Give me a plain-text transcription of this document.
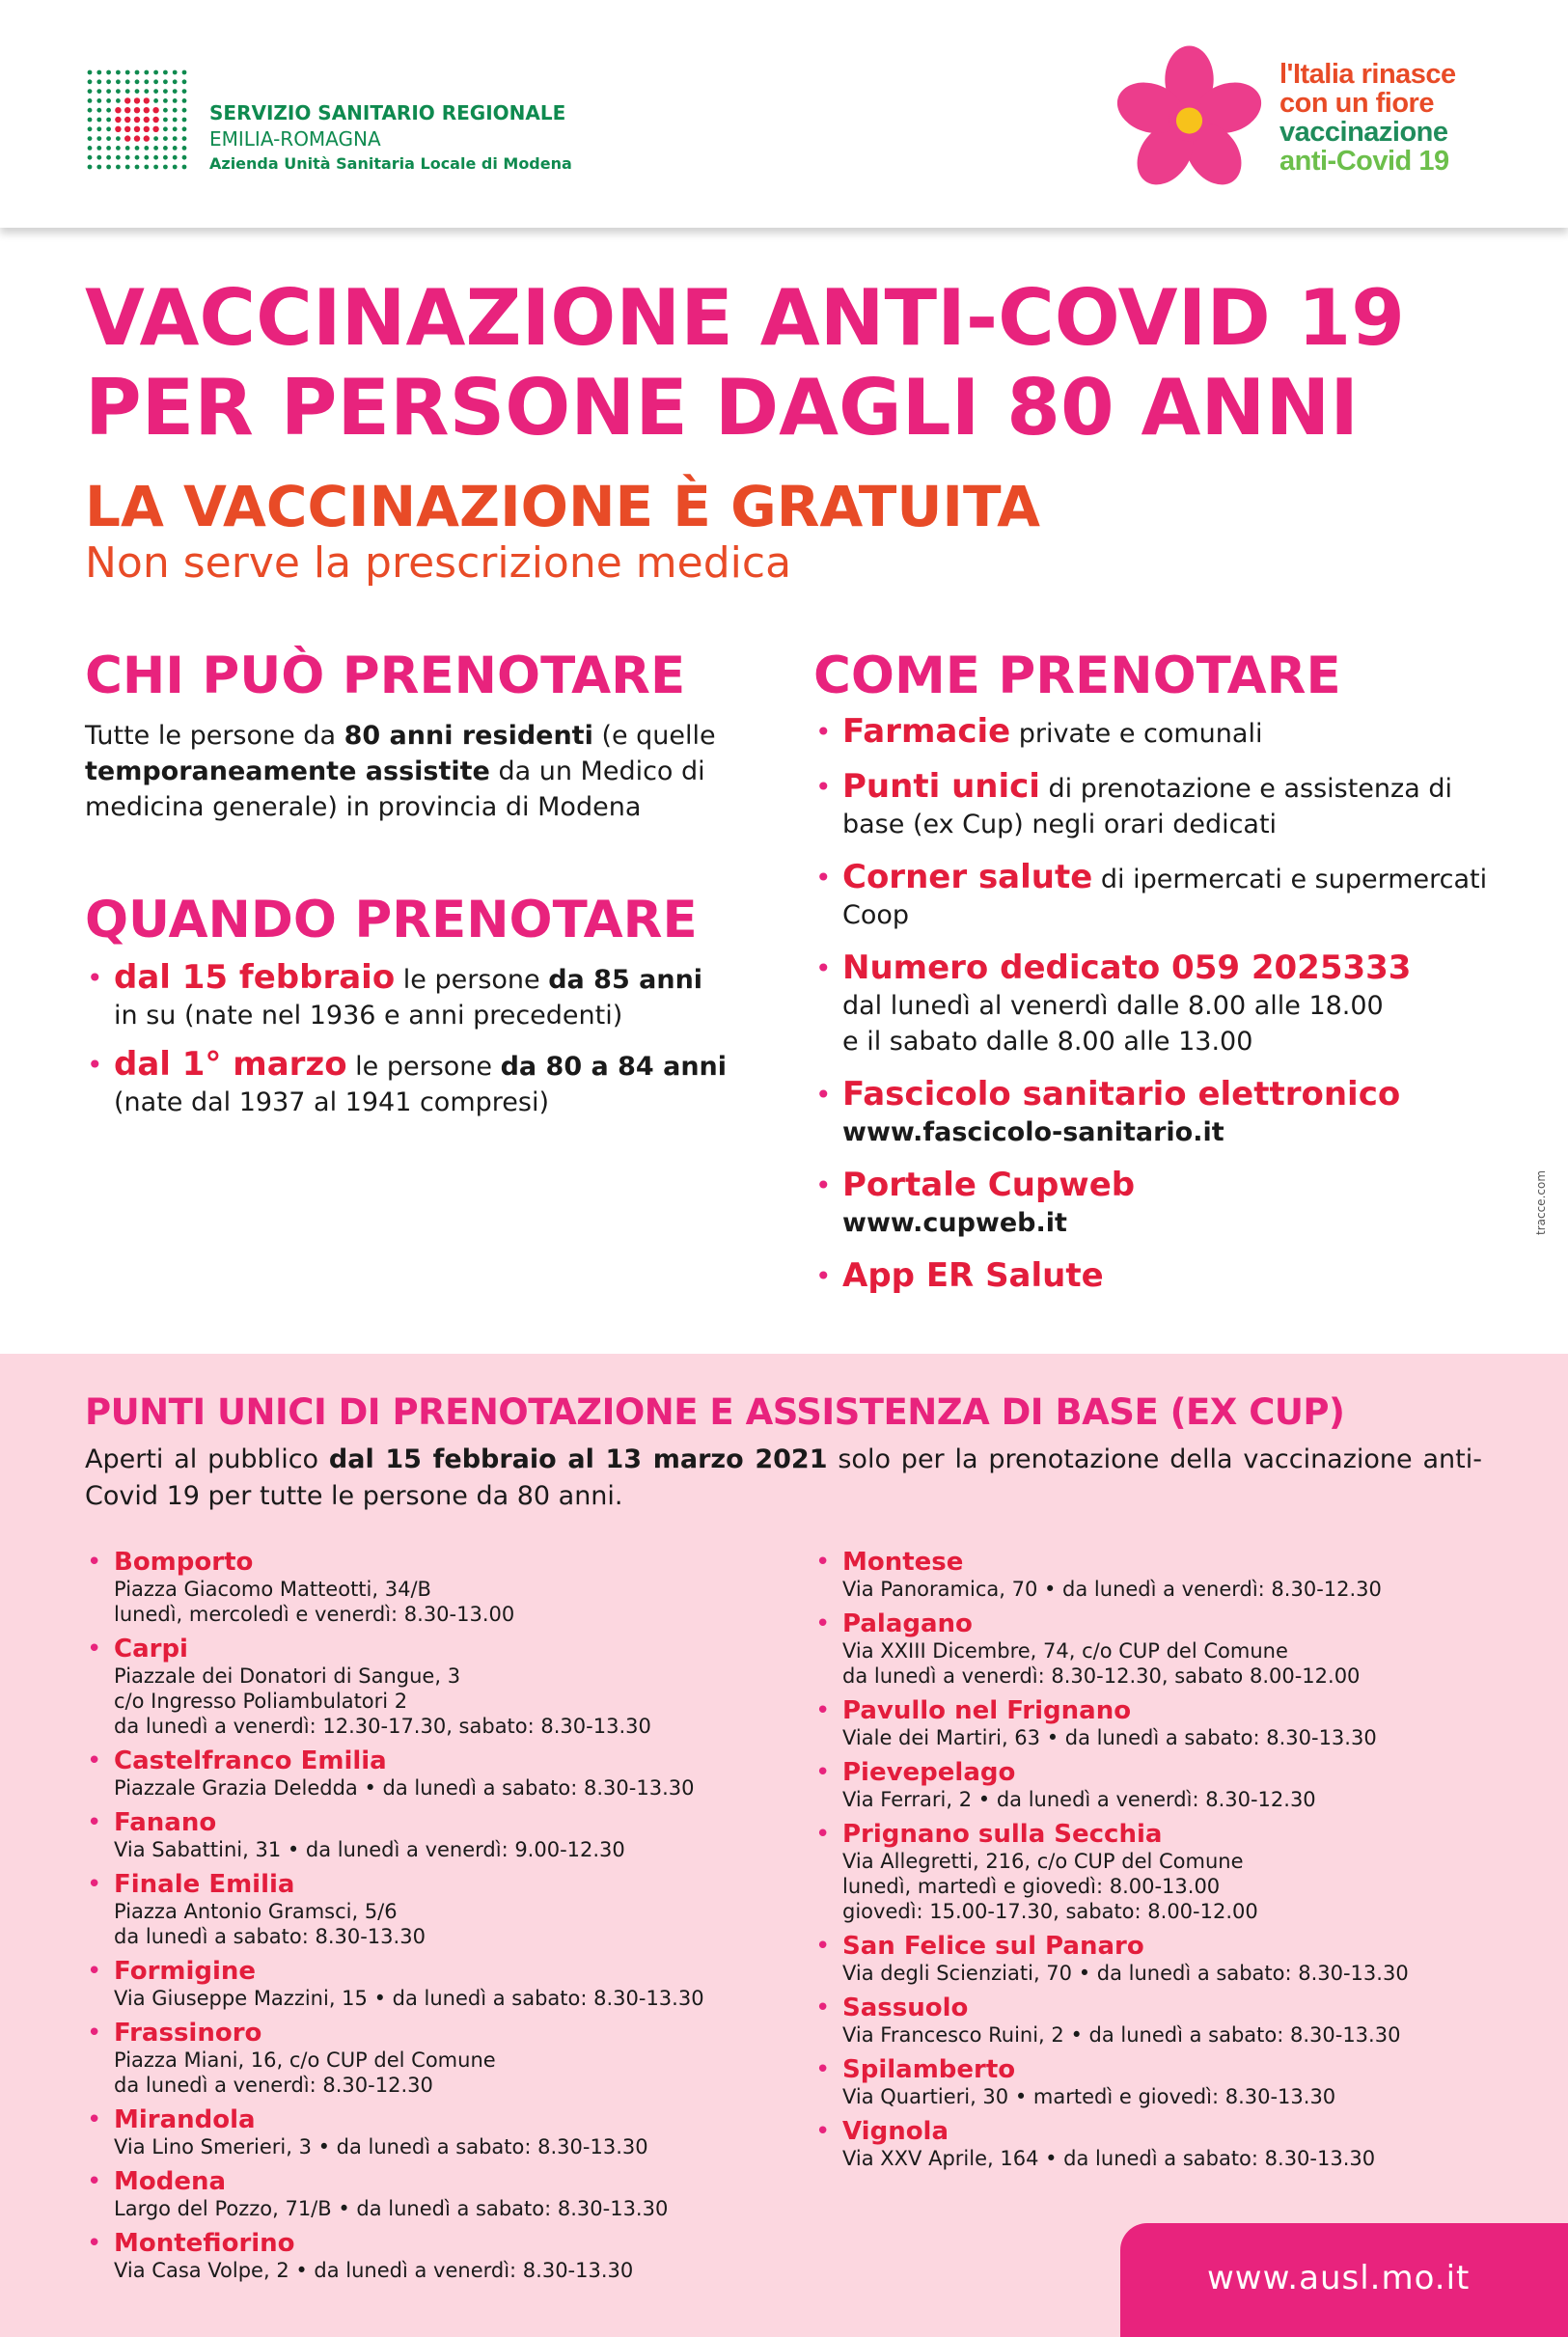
SERVIZIO SANITARIO REGIONALE
EMILIA-ROMAGNA
Azienda Unità Sanitaria Locale di Modena
l'Italia rinasce
con un fiore
vaccinazione
anti-Covid 19
VACCINAZIONE ANTI-COVID 19
PER PERSONE DAGLI 80 ANNI
LA VACCINAZIONE È GRATUITA
Non serve la prescrizione medica
CHI PUÒ PRENOTARE

Tutte le persone da 80 anni residenti (e quelle
temporaneamente assistite da un Medico di medicina generale) in provincia di Modena

QUANDO PRENOTARE
• dal 15 febbraio le persone da 85 anni
in su (nate nel 1936 e anni precedenti)
• dal 1° marzo le persone da 80 a 84 anni
(nate dal 1937 al 1941 compresi)
COME PRENOTARE
• Farmacie private e comunali
• Punti unici di prenotazione e assistenza di base (ex Cup) negli orari dedicati
• Corner salute di ipermercati e supermercati Coop
• Numero dedicato 059 2025333
dal lunedì al venerdì dalle 8.00 alle 18.00
e il sabato dalle 8.00 alle 13.00
• Fascicolo sanitario elettronico
www.fascicolo-sanitario.it
• Portale Cupweb
www.cupweb.it
• App ER Salute
tracce.com
PUNTI UNICI DI PRENOTAZIONE E ASSISTENZA DI BASE (EX CUP)

Aperti al pubblico dal 15 febbraio al 13 marzo 2021 solo per la prenotazione della vaccinazione anti-Covid 19 per tutte le persone da 80 anni.

• Bomporto
Piazza Giacomo Matteotti, 34/B
lunedì, mercoledì e venerdì: 8.30-13.00
• Carpi
Piazzale dei Donatori di Sangue, 3
c/o Ingresso Poliambulatori 2
da lunedì a venerdì: 12.30-17.30, sabato: 8.30-13.30
• Castelfranco Emilia
Piazzale Grazia Deledda • da lunedì a sabato: 8.30-13.30
• Fanano
Via Sabattini, 31 • da lunedì a venerdì: 9.00-12.30
• Finale Emilia
Piazza Antonio Gramsci, 5/6
da lunedì a sabato: 8.30-13.30
• Formigine
Via Giuseppe Mazzini, 15 • da lunedì a sabato: 8.30-13.30
• Frassinoro
Piazza Miani, 16, c/o CUP del Comune
da lunedì a venerdì: 8.30-12.30
• Mirandola
Via Lino Smerieri, 3 • da lunedì a sabato: 8.30-13.30
• Modena
Largo del Pozzo, 71/B • da lunedì a sabato: 8.30-13.30
• Montefiorino
Via Casa Volpe, 2 • da lunedì a venerdì: 8.30-13.30
• Montese
Via Panoramica, 70 • da lunedì a venerdì: 8.30-12.30
• Palagano
Via XXIII Dicembre, 74, c/o CUP del Comune
da lunedì a venerdì: 8.30-12.30, sabato 8.00-12.00
• Pavullo nel Frignano
Viale dei Martiri, 63 • da lunedì a sabato: 8.30-13.30
• Pievepelago
Via Ferrari, 2 • da lunedì a venerdì: 8.30-12.30
• Prignano sulla Secchia
Via Allegretti, 216, c/o CUP del Comune
lunedì, martedì e giovedì: 8.00-13.00
giovedì: 15.00-17.30, sabato: 8.00-12.00
• San Felice sul Panaro
Via degli Scienziati, 70 • da lunedì a sabato: 8.30-13.30
• Sassuolo
Via Francesco Ruini, 2 • da lunedì a sabato: 8.30-13.30
• Spilamberto
Via Quartieri, 30 • martedì e giovedì: 8.30-13.30
• Vignola
Via XXV Aprile, 164 • da lunedì a sabato: 8.30-13.30
www.ausl.mo.it
